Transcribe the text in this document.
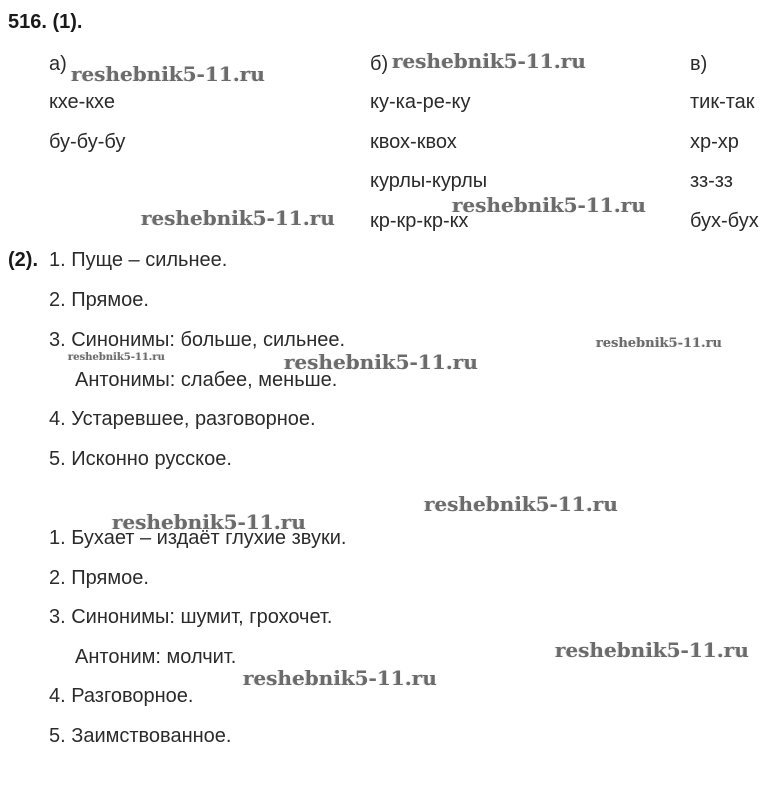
516. (1).
а)
кхе-кхе
бу-бу-бу
б)
ку-ка-ре-ку
квох-квох
курлы-курлы
кр-кр-кр-кх
в)
тик-так
хр-хр
зз-зз
бух-бух
(2). 1. Пуще – сильнее.
2. Прямое.
3. Синонимы: больше, сильнее.
Антонимы: слабее, меньше.
4. Устаревшее, разговорное.
5. Исконно русское.
1. Бухает – издаёт глухие звуки.
2. Прямое.
3. Синонимы: шумит, грохочет.
Антоним: молчит.
4. Разговорное.
5. Заимствованное.
reshebnik5-11.ru
reshebnik5-11.ru
reshebnik5-11.ru
reshebnik5-11.ru
reshebnik5-11.ru
reshebnik5-11.ru	reshebnik5-11.ru
reshebnik5-11.ru
reshebnik5-11.ru
reshebnik5-11.ru
reshebnik5-11.ru
